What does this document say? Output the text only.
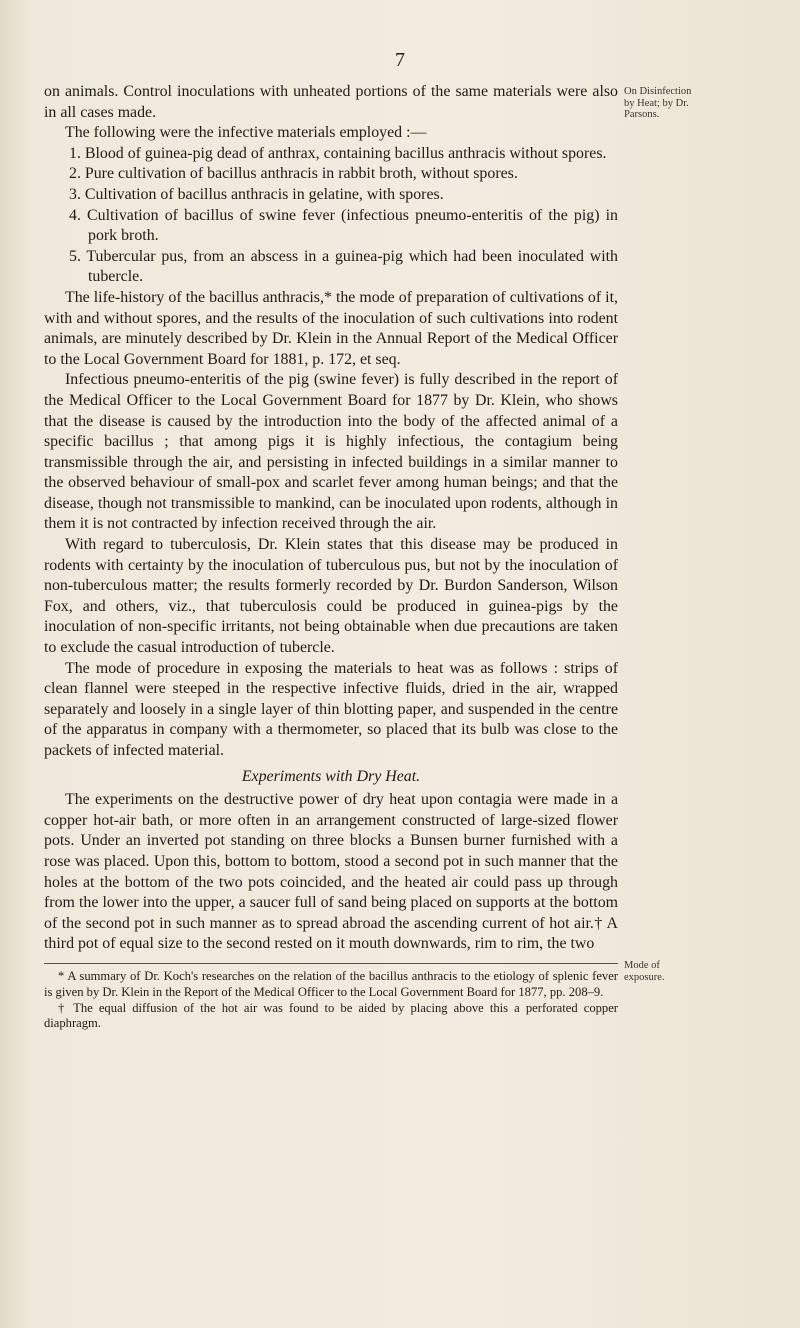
7
On Disinfection by Heat; by Dr. Parsons.
Mode of exposure.

on animals. Control inoculations with unheated portions of the same materials were also in all cases made.

The following were the infective materials employed :—

1. Blood of guinea-pig dead of anthrax, containing bacillus anthracis without spores.

2. Pure cultivation of bacillus anthracis in rabbit broth, without spores.

3. Cultivation of bacillus anthracis in gelatine, with spores.

4. Cultivation of bacillus of swine fever (infectious pneumo-enteritis of the pig) in pork broth.

5. Tubercular pus, from an abscess in a guinea-pig which had been inoculated with tubercle.

The life-history of the bacillus anthracis,* the mode of preparation of cultivations of it, with and without spores, and the results of the inoculation of such cultivations into rodent animals, are minutely described by Dr. Klein in the Annual Report of the Medical Officer to the Local Government Board for 1881, p. 172, et seq.

Infectious pneumo-enteritis of the pig (swine fever) is fully described in the report of the Medical Officer to the Local Government Board for 1877 by Dr. Klein, who shows that the disease is caused by the introduction into the body of the affected animal of a specific bacillus ; that among pigs it is highly infectious, the contagium being transmissible through the air, and persisting in infected buildings in a similar manner to the observed behaviour of small-pox and scarlet fever among human beings; and that the disease, though not transmissible to mankind, can be inoculated upon rodents, although in them it is not contracted by infection received through the air.

With regard to tuberculosis, Dr. Klein states that this disease may be produced in rodents with certainty by the inoculation of tuberculous pus, but not by the inoculation of non-tuberculous matter; the results formerly recorded by Dr. Burdon Sanderson, Wilson Fox, and others, viz., that tuberculosis could be produced in guinea-pigs by the inoculation of non-specific irritants, not being obtainable when due precautions are taken to exclude the casual introduction of tubercle.

The mode of procedure in exposing the materials to heat was as follows : strips of clean flannel were steeped in the respective infective fluids, dried in the air, wrapped separately and loosely in a single layer of thin blotting paper, and suspended in the centre of the apparatus in company with a thermometer, so placed that its bulb was close to the packets of infected material.

Experiments with Dry Heat.

The experiments on the destructive power of dry heat upon contagia were made in a copper hot-air bath, or more often in an arrangement constructed of large-sized flower pots. Under an inverted pot standing on three blocks a Bunsen burner furnished with a rose was placed. Upon this, bottom to bottom, stood a second pot in such manner that the holes at the bottom of the two pots coincided, and the heated air could pass up through from the lower into the upper, a saucer full of sand being placed on supports at the bottom of the second pot in such manner as to spread abroad the ascending current of hot air.† A third pot of equal size to the second rested on it mouth downwards, rim to rim, the two

* A summary of Dr. Koch's researches on the relation of the bacillus anthracis to the etiology of splenic fever is given by Dr. Klein in the Report of the Medical Officer to the Local Government Board for 1877, pp. 208–9.

† The equal diffusion of the hot air was found to be aided by placing above this a perforated copper diaphragm.
